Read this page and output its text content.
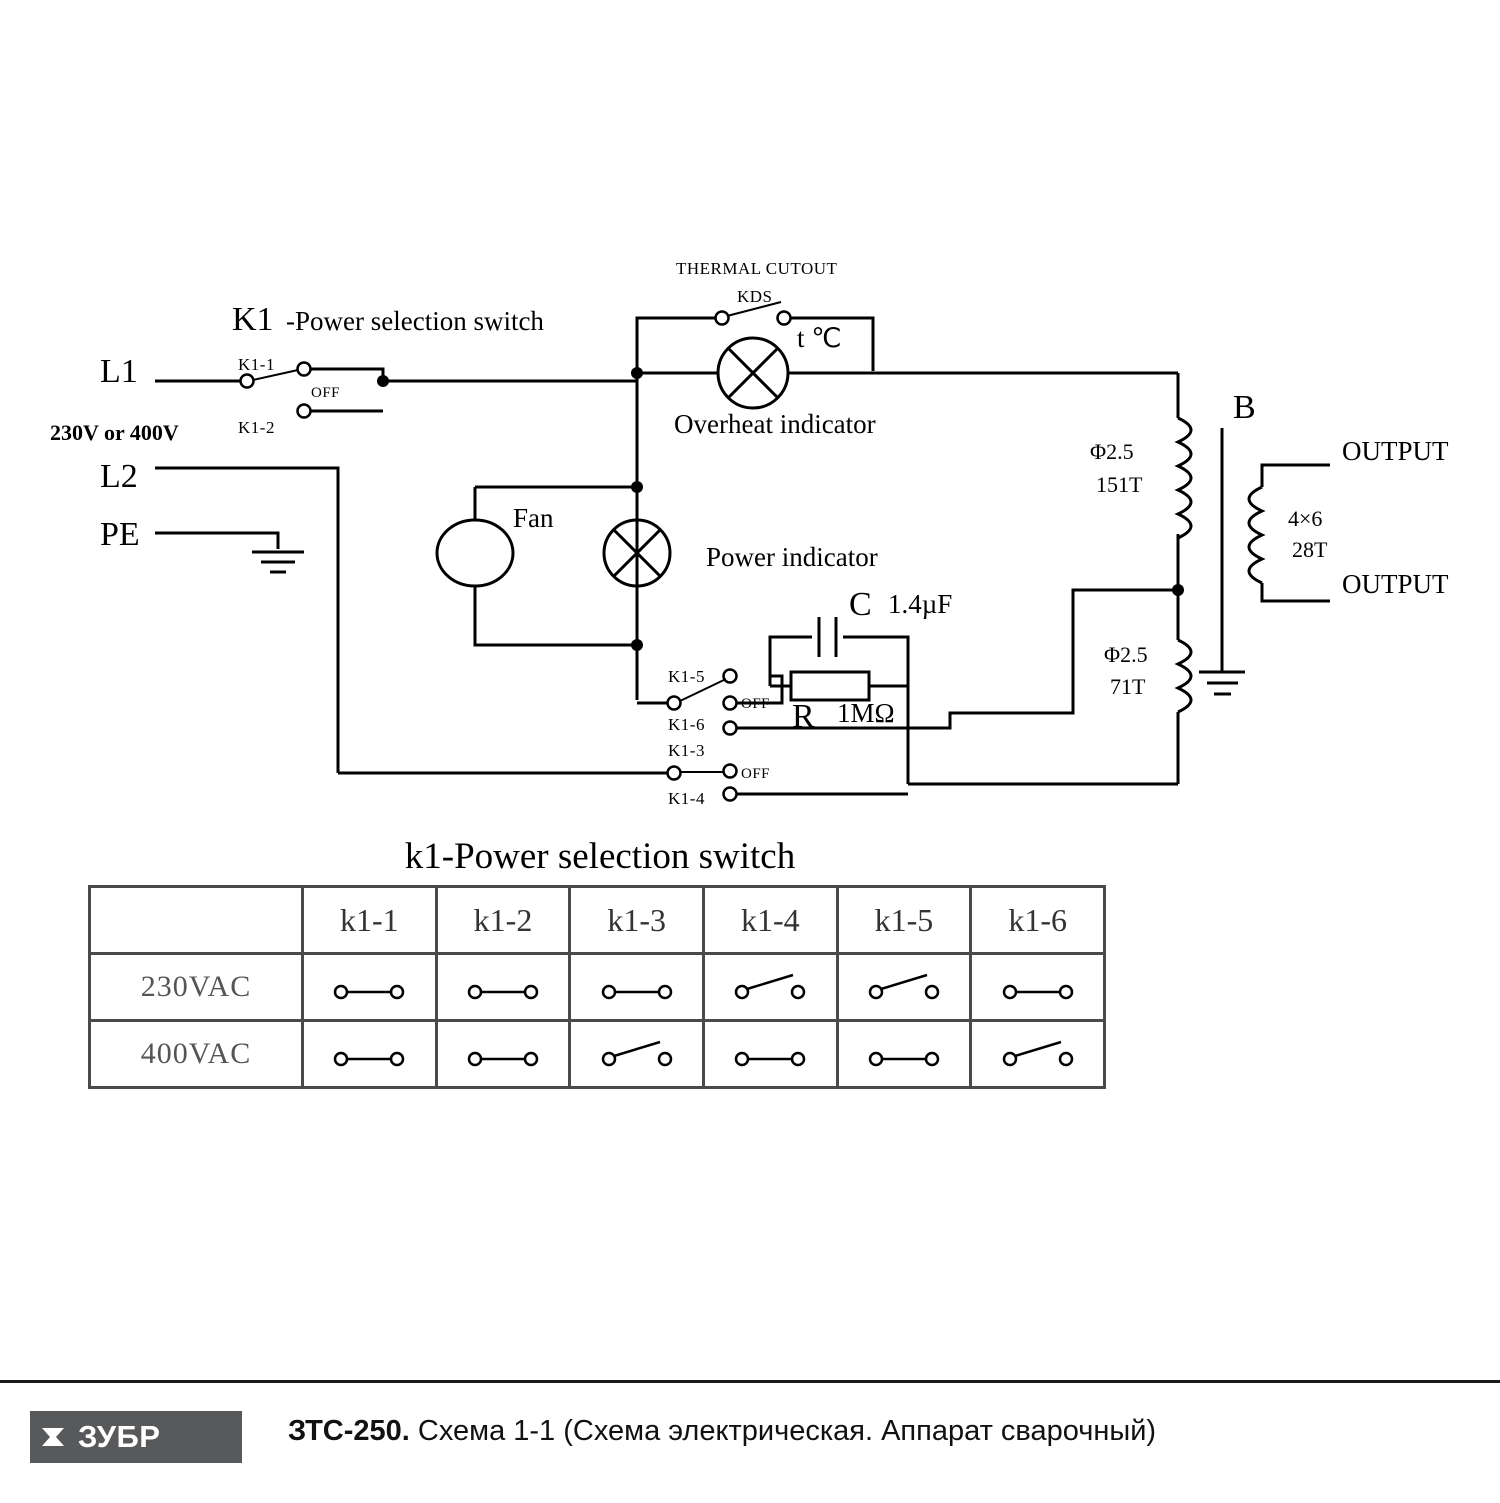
K1 -Power selection switch
L1
230V or 400V
L2
PE
K1-1
OFF
K1-2
THERMAL CUTOUT
KDS
t ℃
Overheat indicator
Fan
Power indicator
K1-5
OFF
K1-6
K1-3
OFF
K1-4
C 1.4µF
R 1MΩ
B
Φ2.5
151T
Φ2.5
71T
4×6
28T
OUTPUT
OUTPUT
k1-Power selection switch
	k1-1	k1-2	k1-3	k1-4	k1-5	k1-6
230VAC	

400VAC	

ЗУБР	ЗТС-250. Схема 1-1 (Схема электрическая. Аппарат сварочный)
